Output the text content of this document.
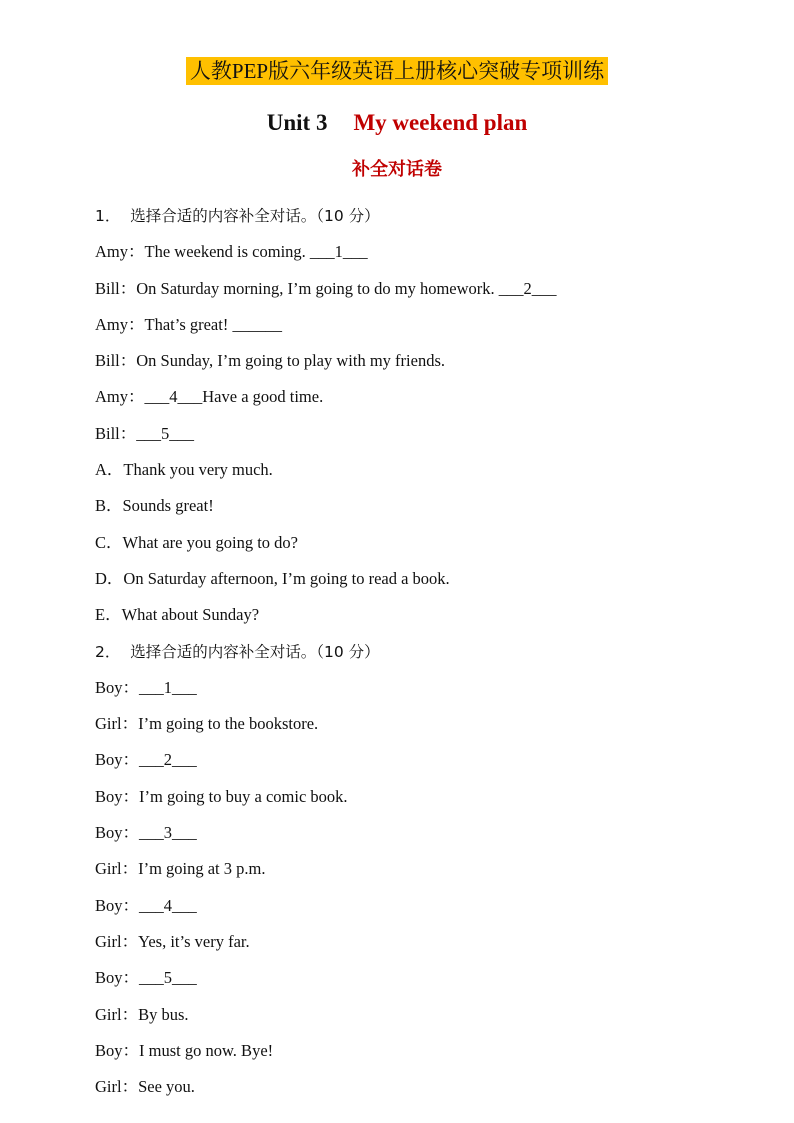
人教PEP版六年级英语上册核心突破专项训练
Unit 3 My weekend plan
补全对话卷
1．  选择合适的内容补全对话。（10 分）
Amy：The weekend is coming. ___1___
Bill：On Saturday morning, I’m going to do my homework. ___2___
Amy：That’s great! ______
Bill：On Sunday, I’m going to play with my friends.
Amy：___4___Have a good time.
Bill：___5___
A．Thank you very much.
B．Sounds great!
C．What are you going to do?
D．On Saturday afternoon, I’m going to read a book.
E．What about Sunday?
2．  选择合适的内容补全对话。（10 分）
Boy：___1___
Girl：I’m going to the bookstore.
Boy：___2___
Boy：I’m going to buy a comic book.
Boy：___3___
Girl：I’m going at 3 p.m.
Boy：___4___
Girl：Yes, it’s very far.
Boy：___5___
Girl：By bus.
Boy：I must go now. Bye!
Girl：See you.
